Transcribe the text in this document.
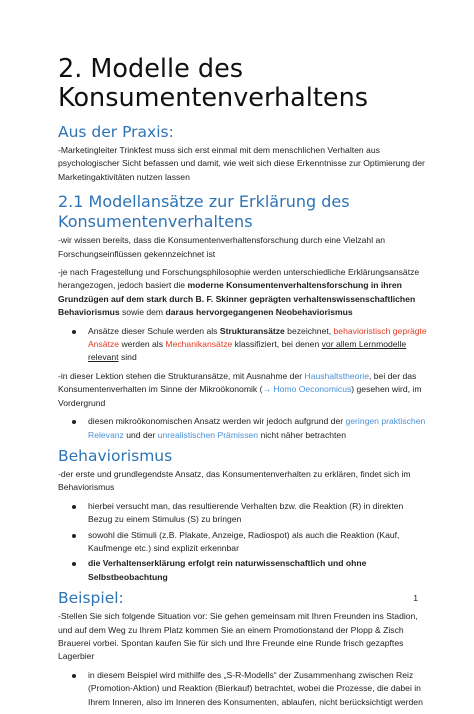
2. Modelle des Konsumentenverhaltens
Aus der Praxis:

-Marketingleiter Trinkfest muss sich erst einmal mit dem menschlichen Verhalten aus psychologischer Sicht befassen und damit, wie weit sich diese Erkenntnisse zur Optimierung der Marketingaktivitäten nutzen lassen

2.1 Modellansätze zur Erklärung des Konsumentenverhaltens

-wir wissen bereits, dass die Konsumentenverhaltensforschung durch eine Vielzahl an Forschungseinflüssen gekennzeichnet ist

-je nach Fragestellung und Forschungsphilosophie werden unterschiedliche Erklärungsansätze herangezogen, jedoch basiert die moderne Konsumentenverhaltensforschung in ihren Grundzügen auf dem stark durch B. F. Skinner geprägten verhaltenswissenschaftlichen Behaviorismus sowie dem daraus hervorgegangenen Neobehaviorismus

Ansätze dieser Schule werden als Strukturansätze bezeichnet, behavioristisch geprägte Ansätze werden als Mechanikansätze klassifiziert, bei denen vor allem Lernmodelle relevant sind

-in dieser Lektion stehen die Strukturansätze, mit Ausnahme der Haushaltstheorie, bei der das Konsumentenverhalten im Sinne der Mikroökonomik (→ Homo Oeconomicus) gesehen wird, im Vordergrund

diesen mikroökonomischen Ansatz werden wir jedoch aufgrund der geringen praktischen Relevanz und der unrealistischen Prämissen nicht näher betrachten
Behaviorismus

-der erste und grundlegendste Ansatz, das Konsumentenverhalten zu erklären, findet sich im Behaviorismus

hierbei versucht man, das resultierende Verhalten bzw. die Reaktion (R) in direkten Bezug zu einem Stimulus (S) zu bringen
sowohl die Stimuli (z.B. Plakate, Anzeige, Radiospot) als auch die Reaktion (Kauf, Kaufmenge etc.) sind explizit erkennbar
die Verhaltenserklärung erfolgt rein naturwissenschaftlich und ohne Selbstbeobachtung
Beispiel:

-Stellen Sie sich folgende Situation vor: Sie gehen gemeinsam mit Ihren Freunden ins Stadion, und auf dem Weg zu Ihrem Platz kommen Sie an einem Promotionstand der Plopp & Zisch Brauerei vorbei. Spontan kaufen Sie für sich und Ihre Freunde eine Runde frisch gezapftes Lagerbier

in diesem Beispiel wird mithilfe des „S-R-Modells“ der Zusammenhang zwischen Reiz (Promotion-Aktion) und Reaktion (Bierkauf) betrachtet, wobei die Prozesse, die dabei in Ihrem Inneren, also im Inneren des Konsumenten, ablaufen, nicht berücksichtigt werden
1
